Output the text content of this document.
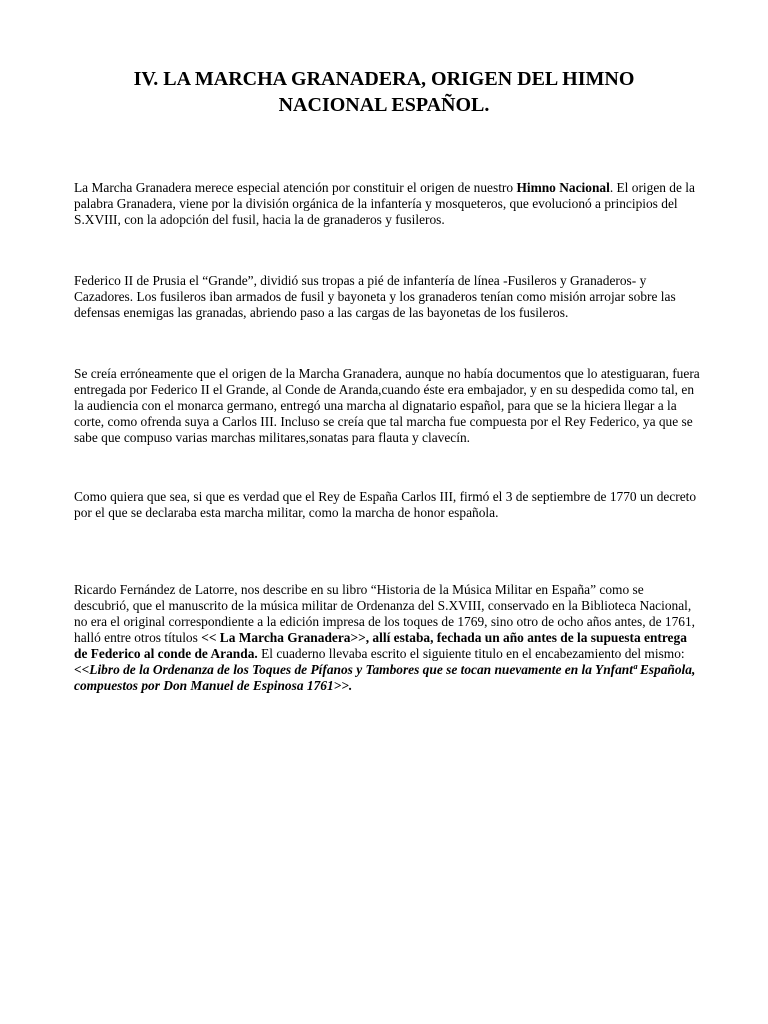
IV. LA MARCHA GRANADERA, ORIGEN DEL HIMNO
NACIONAL ESPAÑOL.

La Marcha Granadera merece especial atención por constituir el origen de nuestro Himno Nacional. El origen de la palabra Granadera, viene por la división orgánica de la infantería y mosqueteros, que evolucionó a principios del S.XVIII, con la adopción del fusil, hacia la de granaderos y fusileros.

Federico II de Prusia el “Grande”, dividió sus tropas a pié de infantería de línea -Fusileros y Granaderos- y Cazadores. Los fusileros iban armados de fusil y bayoneta y los granaderos tenían como misión arrojar sobre las defensas enemigas las granadas, abriendo paso a las cargas de las bayonetas de los fusileros.

Se creía erróneamente que el origen de la Marcha Granadera, aunque no había documentos que lo atestiguaran, fuera entregada por Federico II el Grande, al Conde de Aranda,cuando éste era embajador, y en su despedida como tal, en la audiencia con el monarca germano, entregó una marcha al dignatario español, para que se la hiciera llegar a la corte, como ofrenda suya a Carlos III. Incluso se creía que tal marcha fue compuesta por el Rey Federico, ya que se sabe que compuso varias marchas militares,sonatas para flauta y clavecín.

Como quiera que sea, si que es verdad que el Rey de España Carlos III, firmó el 3 de septiembre de 1770 un decreto por el que se declaraba esta marcha militar, como la marcha de honor española.

Ricardo Fernández de Latorre, nos describe en su libro “Historia de la Música Militar en España” como se descubrió, que el manuscrito de la música militar de Ordenanza del S.XVIII, conservado en la Biblioteca Nacional, no era el original correspondiente a la edición impresa de los toques de 1769, sino otro de ocho años antes, de 1761, halló entre otros títulos << La Marcha Granadera>>, allí estaba, fechada un año antes de la supuesta entrega de Federico al conde de Aranda. El cuaderno llevaba escrito el siguiente titulo en el encabezamiento del mismo: <<Libro de la Ordenanza de los Toques de Pífanos y Tambores que se tocan nuevamente en la Ynfantª Española, compuestos por Don Manuel de Espinosa 1761>>.
